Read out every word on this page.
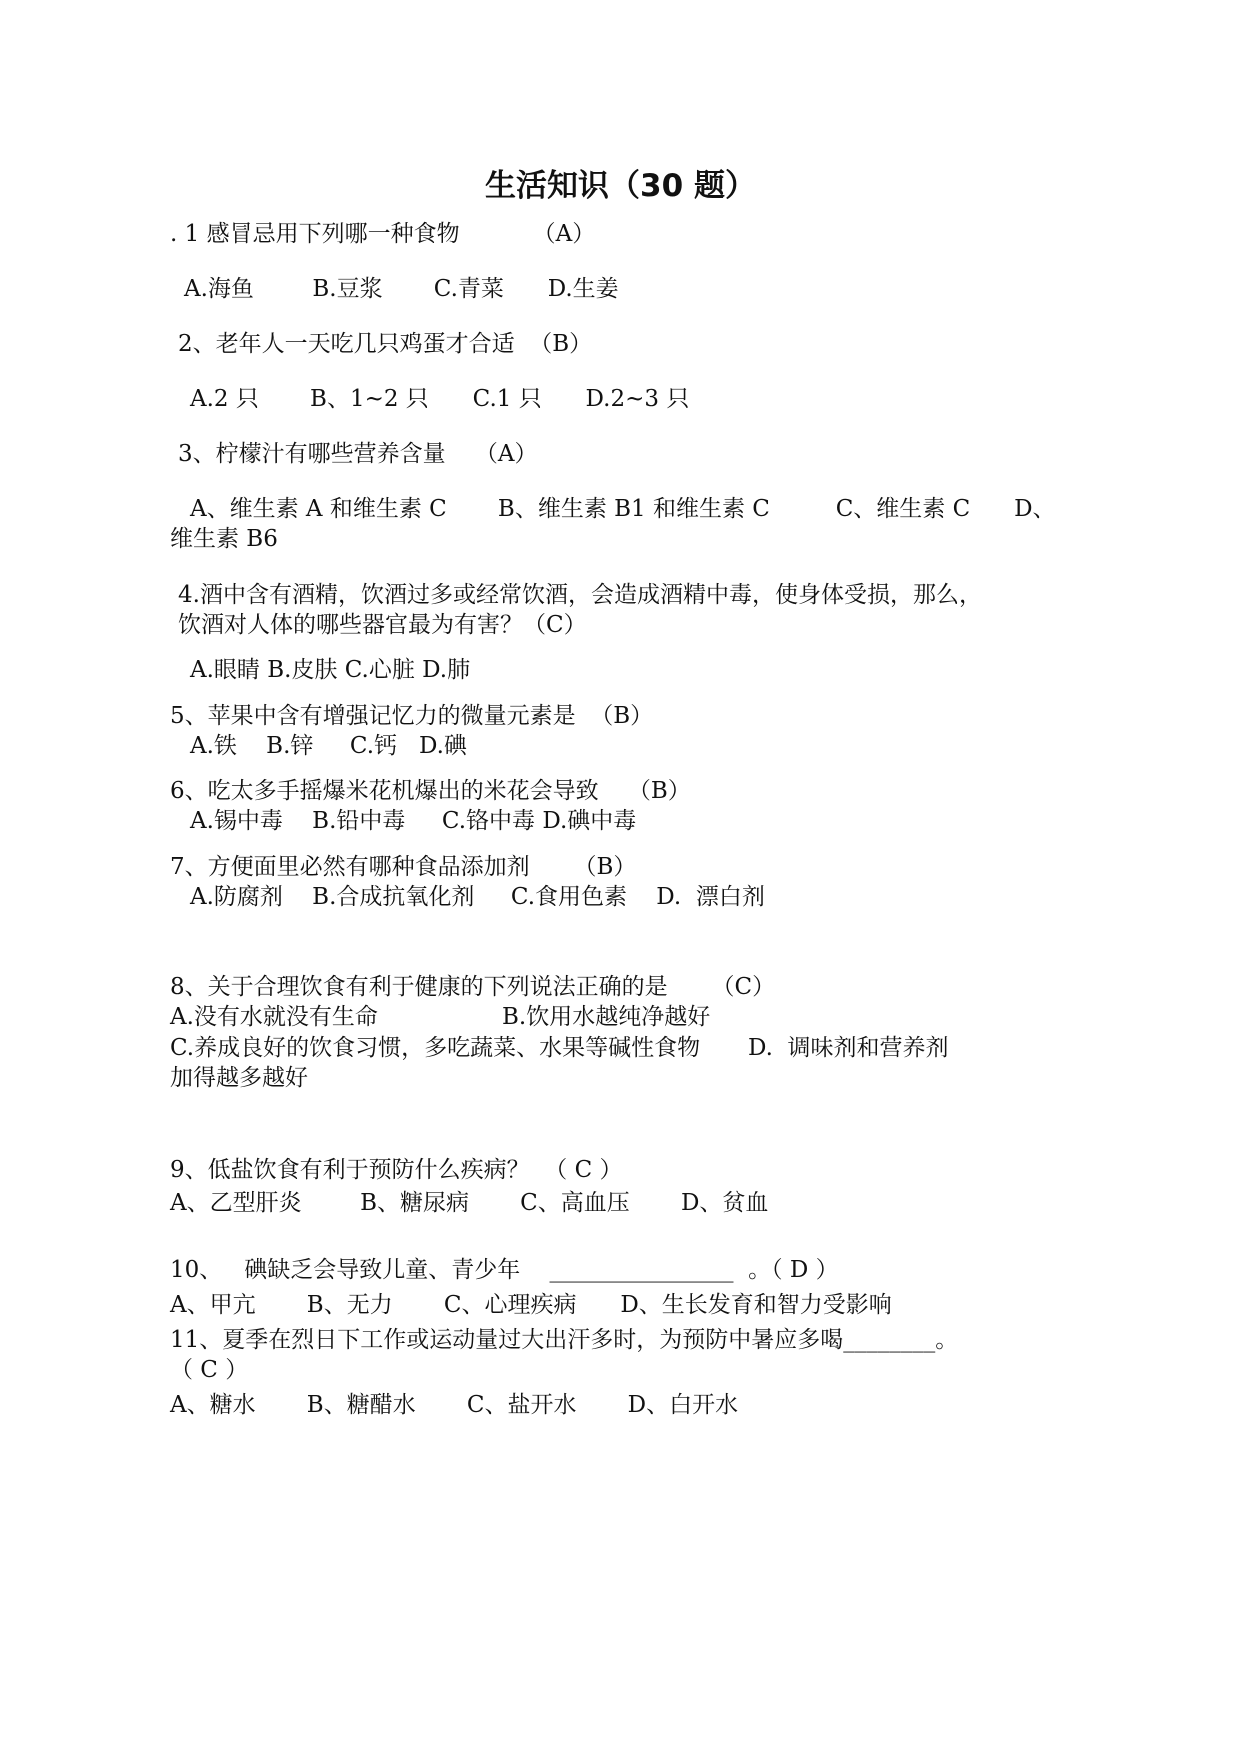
生活知识（30 题）
. 1 感冒忌用下列哪一种食物          （A）
A.海鱼        B.豆浆       C.青菜      D.生姜
2、老年人一天吃几只鸡蛋才合适  （B）
A.2 只       B、1~2 只      C.1 只      D.2~3 只
3、柠檬汁有哪些营养含量    （A）
A、维生素 A 和维生素 C       B、维生素 B1 和维生素 C         C、维生素 C      D、
维生素 B6
4.酒中含有酒精，饮酒过多或经常饮酒，会造成酒精中毒，使身体受损，那么，
饮酒对人体的哪些器官最为有害？（C）
A.眼睛 B.皮肤 C.心脏 D.肺
5、苹果中含有增强记忆力的微量元素是  （B）
A.铁    B.锌     C.钙   D.碘
6、吃太多手摇爆米花机爆出的米花会导致    （B）
A.锡中毒    B.铅中毒     C.铬中毒 D.碘中毒
7、方便面里必然有哪种食品添加剂      （B）
A.防腐剂    B.合成抗氧化剂     C.食用色素    D.  漂白剂
8、关于合理饮食有利于健康的下列说法正确的是      （C）
A.没有水就没有生命	B.饮用水越纯净越好
C.养成良好的饮食习惯，多吃蔬菜、水果等碱性食物 D.  调味剂和营养剂
加得越多越好
9、低盐饮食有利于预防什么疾病？  （ C ）
A、乙型肝炎        B、糖尿病       C、高血压       D、贫血
10、   碘缺乏会导致儿童、青少年    ________________  。（ D ）
A、甲亢       B、无力       C、心理疾病      D、生长发育和智力受影响
11、夏季在烈日下工作或运动量过大出汗多时，为预防中暑应多喝________。
（ C ）
A、糖水       B、糖醋水       C、盐开水       D、白开水
